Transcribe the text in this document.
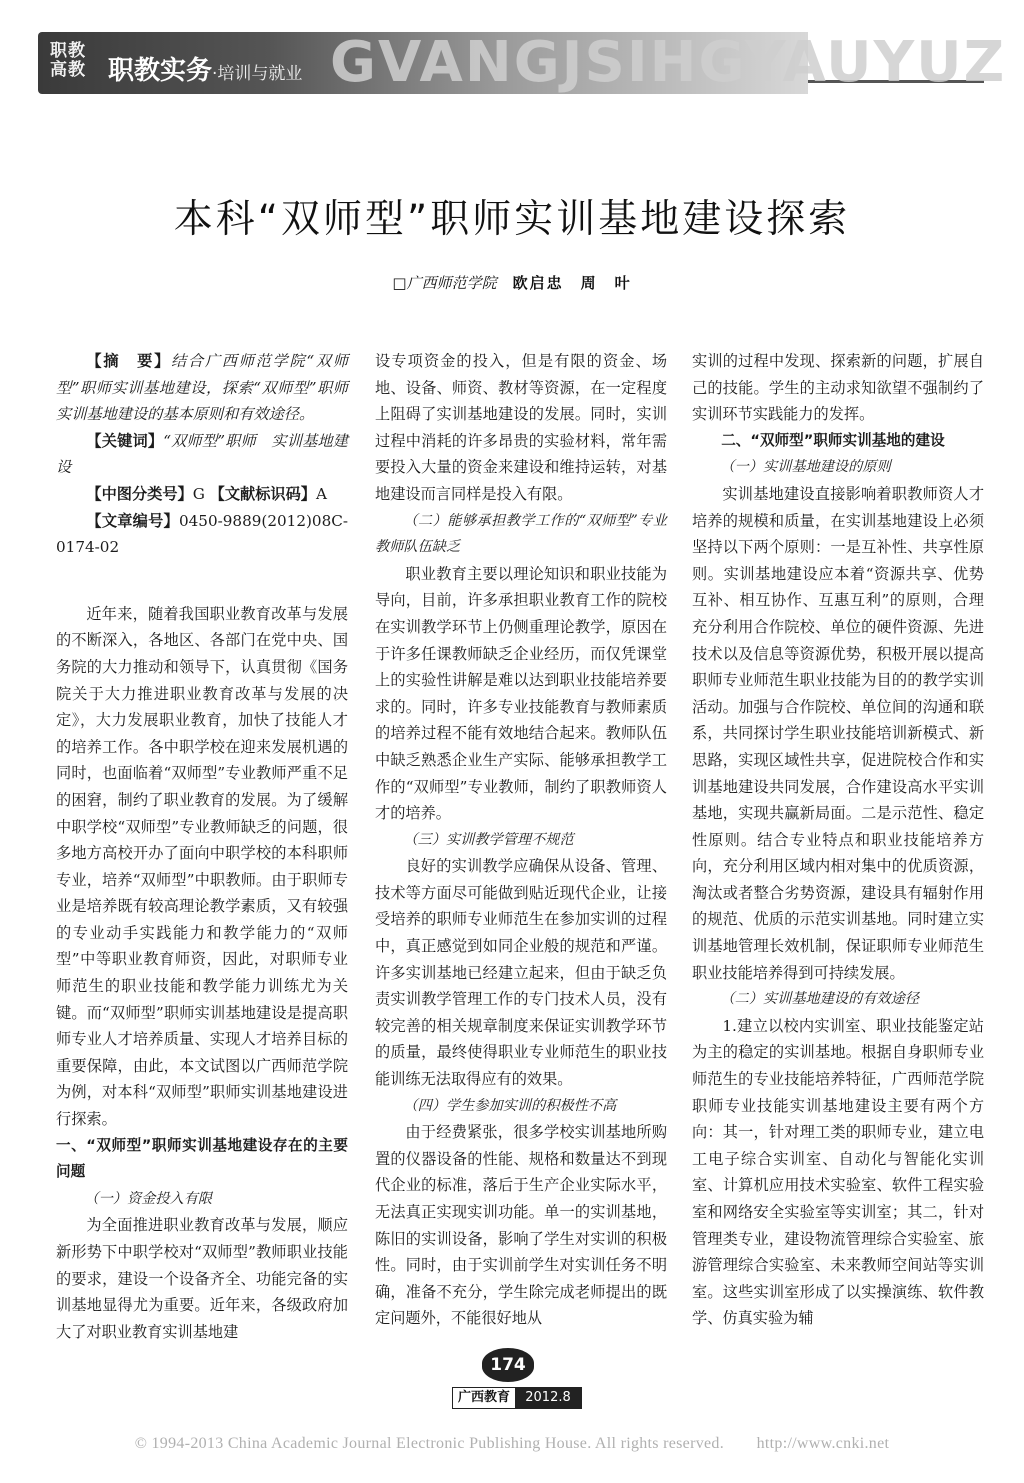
职教
高教	GVANGJSIHGYAUYUZ
职教实务·培训与就业
本科“双师型”职师实训基地建设探索
□广西师范学院 欧启忠　周　叶

【摘　要】结合广西师范学院“双师型”职师实训基地建设，探索“双师型”职师实训基地建设的基本原则和有效途径。

【关键词】“双师型”职师　实训基地建设

【中图分类号】G 【文献标识码】A

【文章编号】0450-9889(2012)08C-0174-02

近年来，随着我国职业教育改革与发展的不断深入，各地区、各部门在党中央、国务院的大力推动和领导下，认真贯彻《国务院关于大力推进职业教育改革与发展的决定》，大力发展职业教育，加快了技能人才的培养工作。各中职学校在迎来发展机遇的同时，也面临着“双师型”专业教师严重不足的困窘，制约了职业教育的发展。为了缓解中职学校“双师型”专业教师缺乏的问题，很多地方高校开办了面向中职学校的本科职师专业，培养“双师型”中职教师。由于职师专业是培养既有较高理论教学素质，又有较强的专业动手实践能力和教学能力的“双师型”中等职业教育师资，因此，对职师专业师范生的职业技能和教学能力训练尤为关键。而“双师型”职师实训基地建设是提高职师专业人才培养质量、实现人才培养目标的重要保障，由此，本文试图以广西师范学院为例，对本科“双师型”职师实训基地建设进行探索。

一、“双师型”职师实训基地建设存在的主要问题

（一）资金投入有限

为全面推进职业教育改革与发展，顺应新形势下中职学校对“双师型”教师职业技能的要求，建设一个设备齐全、功能完备的实训基地显得尤为重要。近年来，各级政府加大了对职业教育实训基地建

设专项资金的投入，但是有限的资金、场地、设备、师资、教材等资源，在一定程度上阻碍了实训基地建设的发展。同时，实训过程中消耗的许多昂贵的实验材料，常年需要投入大量的资金来建设和维持运转，对基地建设而言同样是投入有限。

（二）能够承担教学工作的“双师型”专业教师队伍缺乏

职业教育主要以理论知识和职业技能为导向，目前，许多承担职业教育工作的院校在实训教学环节上仍侧重理论教学，原因在于许多任课教师缺乏企业经历，而仅凭课堂上的实验性讲解是难以达到职业技能培养要求的。同时，许多专业技能教育与教师素质的培养过程不能有效地结合起来。教师队伍中缺乏熟悉企业生产实际、能够承担教学工作的“双师型”专业教师，制约了职教师资人才的培养。

（三）实训教学管理不规范

良好的实训教学应确保从设备、管理、技术等方面尽可能做到贴近现代企业，让接受培养的职师专业师范生在参加实训的过程中，真正感觉到如同企业般的规范和严谨。许多实训基地已经建立起来，但由于缺乏负责实训教学管理工作的专门技术人员，没有较完善的相关规章制度来保证实训教学环节的质量，最终使得职业专业师范生的职业技能训练无法取得应有的效果。

（四）学生参加实训的积极性不高

由于经费紧张，很多学校实训基地所购置的仪器设备的性能、规格和数量达不到现代企业的标准，落后于生产企业实际水平，无法真正实现实训功能。单一的实训基地，陈旧的实训设备，影响了学生对实训的积极性。同时，由于实训前学生对实训任务不明确，准备不充分，学生除完成老师提出的既定问题外，不能很好地从

实训的过程中发现、探索新的问题，扩展自己的技能。学生的主动求知欲望不强制约了实训环节实践能力的发挥。

二、“双师型”职师实训基地的建设

（一）实训基地建设的原则

实训基地建设直接影响着职教师资人才培养的规模和质量，在实训基地建设上必须坚持以下两个原则：一是互补性、共享性原则。实训基地建设应本着“资源共享、优势互补、相互协作、互惠互利”的原则，合理充分利用合作院校、单位的硬件资源、先进技术以及信息等资源优势，积极开展以提高职师专业师范生职业技能为目的的教学实训活动。加强与合作院校、单位间的沟通和联系，共同探讨学生职业技能培训新模式、新思路，实现区域性共享，促进院校合作和实训基地建设共同发展，合作建设高水平实训基地，实现共赢新局面。二是示范性、稳定性原则。结合专业特点和职业技能培养方向，充分利用区域内相对集中的优质资源，淘汰或者整合劣势资源，建设具有辐射作用的规范、优质的示范实训基地。同时建立实训基地管理长效机制，保证职师专业师范生职业技能培养得到可持续发展。

（二）实训基地建设的有效途径

1.建立以校内实训室、职业技能鉴定站为主的稳定的实训基地。根据自身职师专业师范生的专业技能培养特征，广西师范学院职师专业技能实训基地建设主要有两个方向：其一，针对理工类的职师专业，建立电工电子综合实训室、自动化与智能化实训室、计算机应用技术实验室、软件工程实验室和网络安全实验室等实训室；其二，针对管理类专业，建设物流管理综合实验室、旅游管理综合实验室、未来教师空间站等实训室。这些实训室形成了以实操演练、软件教学、仿真实验为辅

174
广西教育	2012.8
© 1994-2013 China Academic Journal Electronic Publishing House. All rights reserved.　　http://www.cnki.net
